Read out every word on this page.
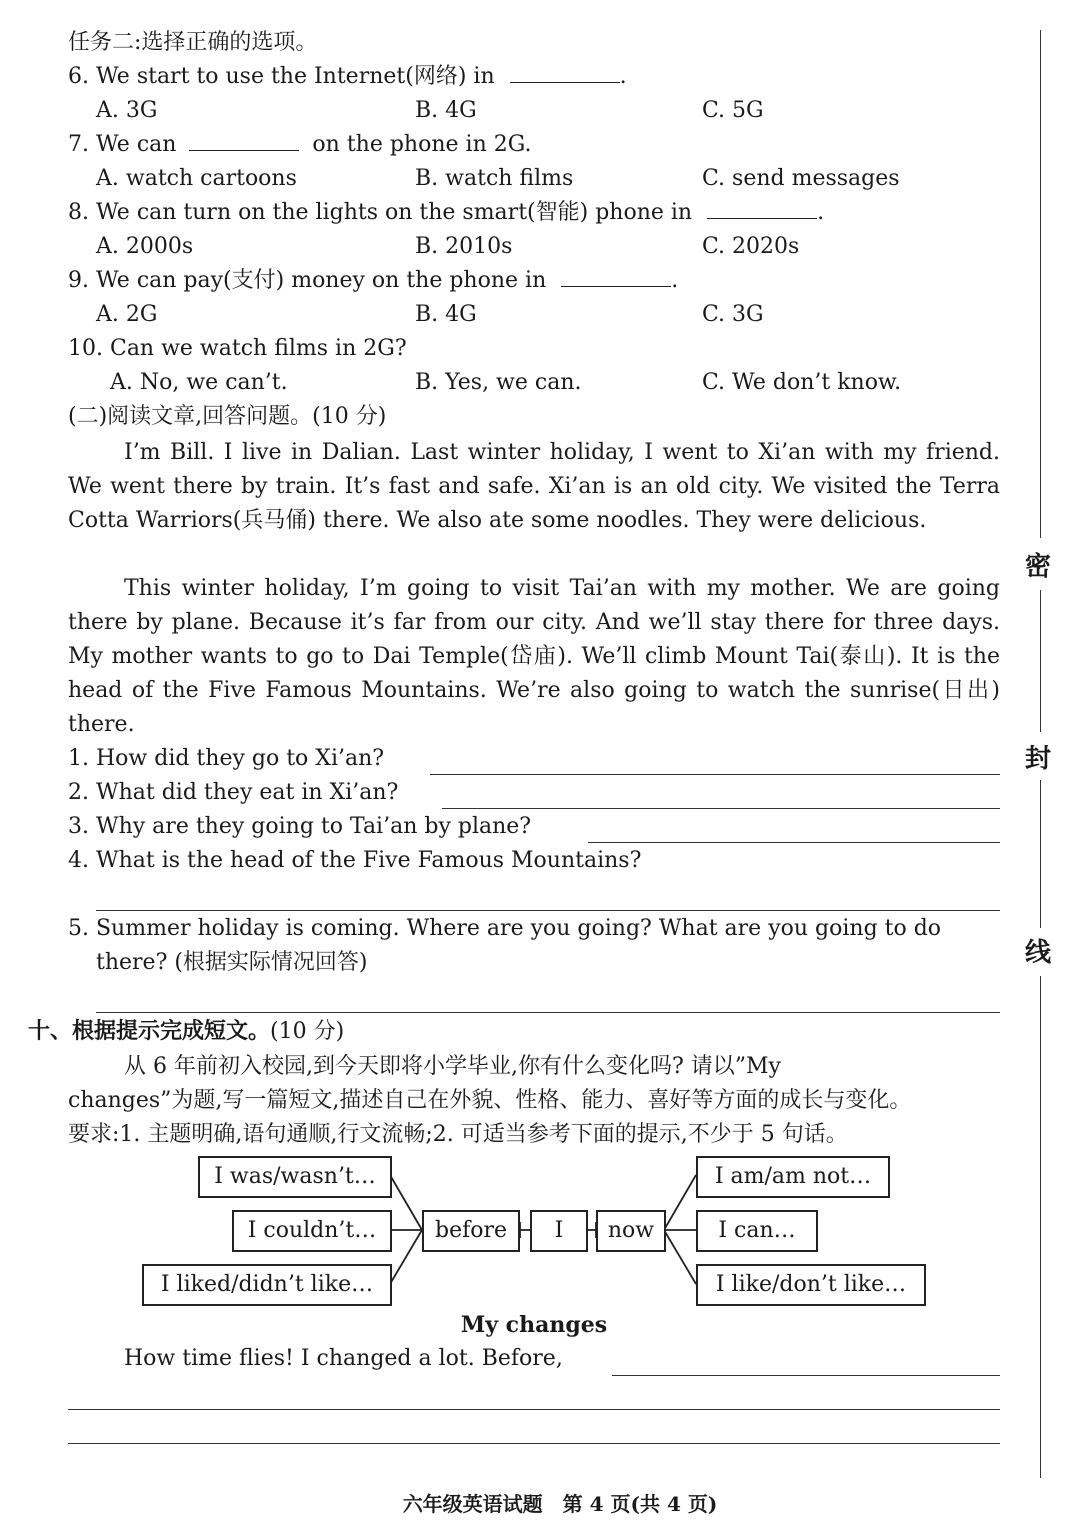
任务二:选择正确的选项。
6. We start to use the Internet(网络) in	.
A. 3G	B. 4G	C. 5G
7. We can	on the phone in 2G.
A. watch cartoons	B. watch films	C. send messages
8. We can turn on the lights on the smart(智能) phone in	.
A. 2000s	B. 2010s	C. 2020s
9. We can pay(支付) money on the phone in	.
A. 2G	B. 4G	C. 3G
10. Can we watch films in 2G?
A. No, we can’t.	B. Yes, we can.	C. We don’t know.
(二)阅读文章,回答问题。(10 分)
I’m Bill. I live in Dalian. Last winter holiday, I went to Xi’an with my friend. We went there by train. It’s fast and safe. Xi’an is an old city. We visited the Terra Cotta Warriors(兵马俑) there. We also ate some noodles. They were delicious.
This winter holiday, I’m going to visit Tai’an with my mother. We are going there by plane. Because it’s far from our city. And we’ll stay there for three days. My mother wants to go to Dai Temple(岱庙). We’ll climb Mount Tai(泰山). It is the head of the Five Famous Mountains. We’re also going to watch the sunrise(日出) there.
1. How did they go to Xi’an?
2. What did they eat in Xi’an?
3. Why are they going to Tai’an by plane?
4. What is the head of the Five Famous Mountains?
5. Summer holiday is coming. Where are you going? What are you going to do
there? (根据实际情况回答)
十、根据提示完成短文。(10 分)
从 6 年前初入校园,到今天即将小学毕业,你有什么变化吗? 请以”My
changes”为题,写一篇短文,描述自己在外貌、性格、能力、喜好等方面的成长与变化。
要求:1. 主题明确,语句通顺,行文流畅;2. 可适当参考下面的提示,不少于 5 句话。
I was/wasn’t…
I couldn’t…
I liked/didn’t like…
before	I	now
I am/am not…
I can…
I like/don’t like…
My changes
How time flies! I changed a lot. Before,
密
封
线
六年级英语试题　第 4 页(共 4 页)
